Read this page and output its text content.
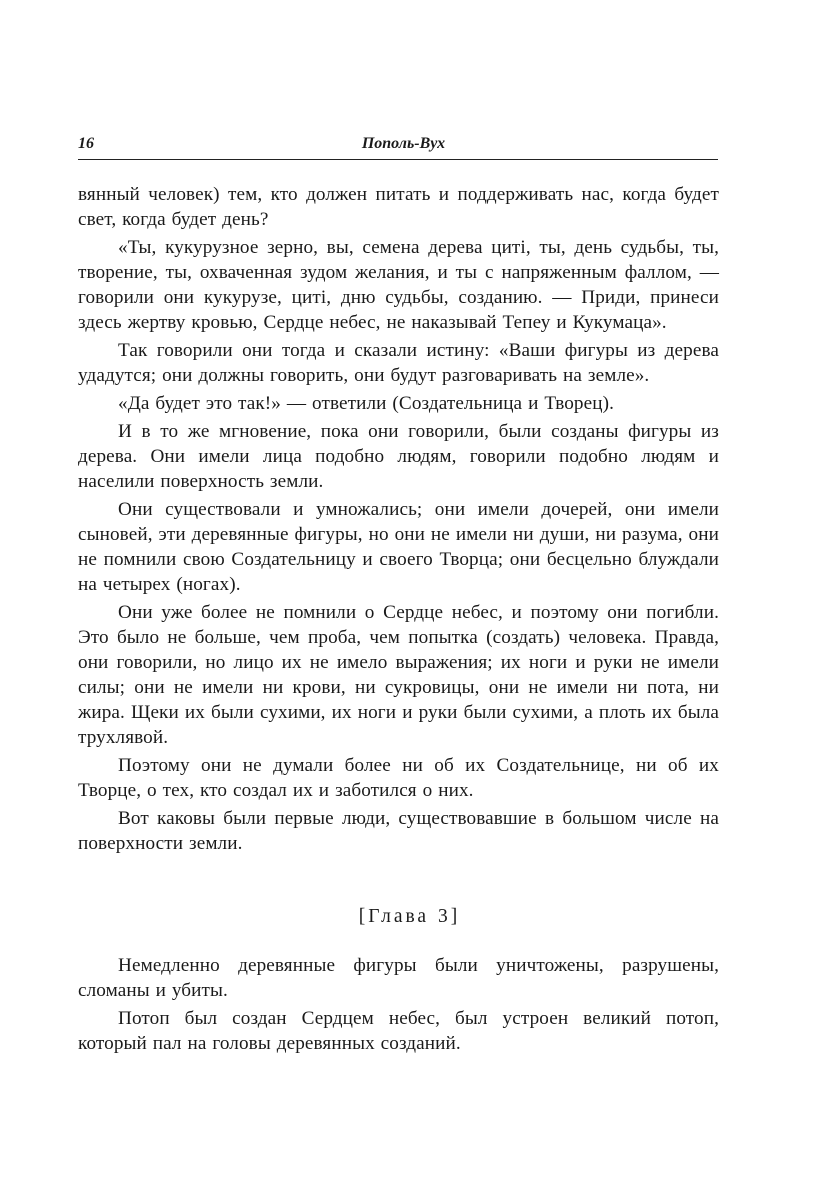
16	Пополь-Вух

вянный человек) тем, кто должен питать и поддерживать нас, когда будет свет, когда будет день?

«Ты, кукурузное зерно, вы, семена дерева циті, ты, день судьбы, ты, творение, ты, охваченная зудом желания, и ты с напряженным фаллом, — говорили они кукурузе, циті, дню судьбы, созданию. — Приди, принеси здесь жертву кровью, Сердце небес, не наказывай Тепеу и Кукумаца».

Так говорили они тогда и сказали истину: «Ваши фигуры из дерева удадутся; они должны говорить, они будут разговаривать на земле».

«Да будет это так!» — ответили (Создательница и Творец).

И в то же мгновение, пока они говорили, были созданы фигуры из дерева. Они имели лица подобно людям, говорили подобно людям и населили поверхность земли.

Они существовали и умножались; они имели дочерей, они имели сыновей, эти деревянные фигуры, но они не имели ни души, ни разума, они не помнили свою Создательницу и своего Творца; они бесцельно блуждали на четырех (ногах).

Они уже более не помнили о Сердце небес, и поэтому они погибли. Это было не больше, чем проба, чем попытка (создать) человека. Правда, они говорили, но лицо их не имело выражения; их ноги и руки не имели силы; они не имели ни крови, ни сукровицы, они не имели ни пота, ни жира. Щеки их были сухими, их ноги и руки были сухими, а плоть их была трухлявой.

Поэтому они не думали более ни об их Создательнице, ни об их Творце, о тех, кто создал их и заботился о них.

Вот каковы были первые люди, существовавшие в большом числе на поверхности земли.

[Глава 3]

Немедленно деревянные фигуры были уничтожены, разрушены, сломаны и убиты.

Потоп был создан Сердцем небес, был устроен великий потоп, который пал на головы деревянных созданий.
